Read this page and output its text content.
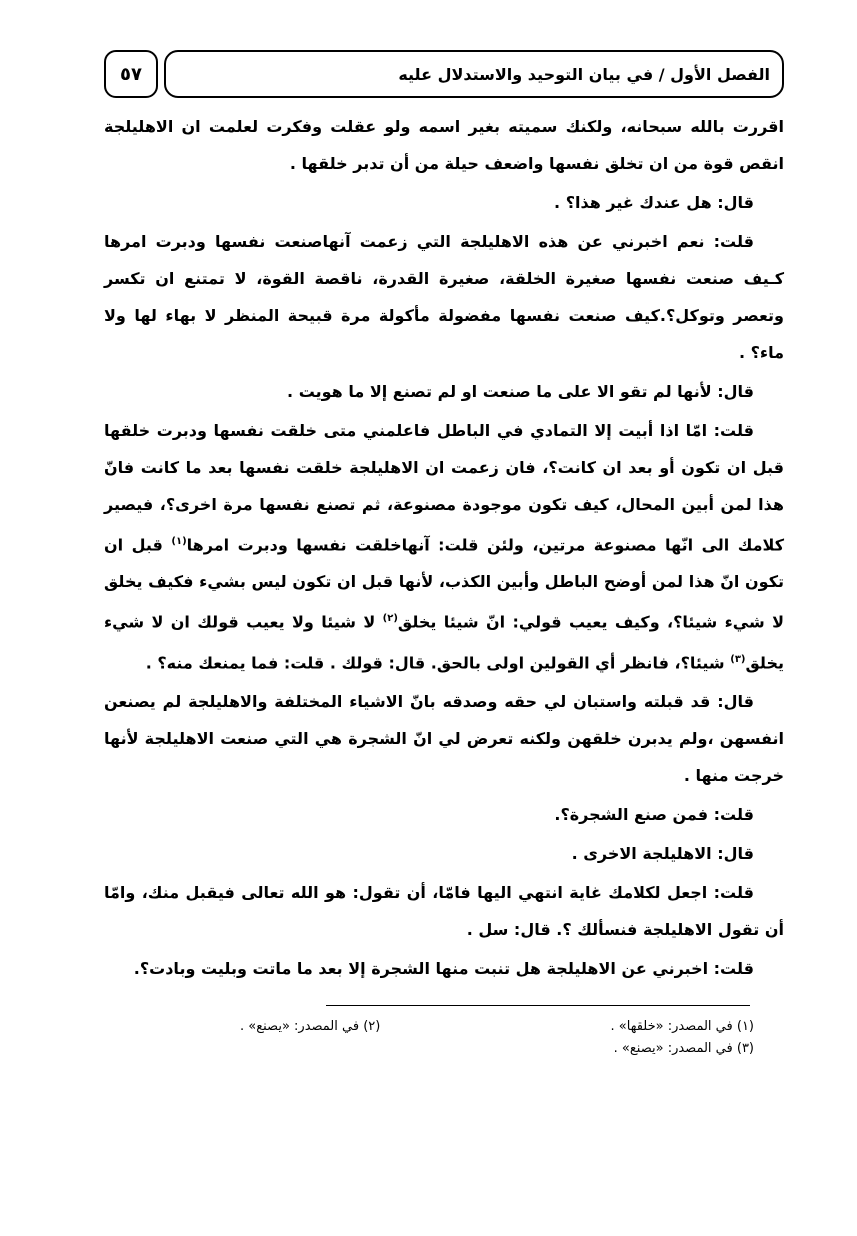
٥٧	الفصل الأول / في بيان التوحيد والاستدلال عليه

اقررت بالله سبحانه، ولكنك سميته بغير اسمه ولو عقلت وفكرت لعلمت ان الاهليلجة انقص قوة من ان تخلق نفسها واضعف حيلة من أن تدبر خلقها .

قال: هل عندك غير هذا؟ .

قلت: نعم اخبرني عن هذه الاهليلجة التي زعمت آنهاصنعت نفسها ودبرت امرها كـيف صنعت نفسها صغيرة الخلقة، صغيرة القدرة، ناقصة القوة، لا تمتنع ان تكسر وتعصر وتوكل؟.كيف صنعت نفسها مفضولة مأكولة مرة قبيحة المنظر لا بهاء لها ولا ماء؟ .

قال: لأنها لم تقو الا على ما صنعت او لم تصنع إلا ما هويت .

قلت: امّا اذا أبيت إلا التمادي في الباطل فاعلمني متى خلقت نفسها ودبرت خلقها قبل ان تكون أو بعد ان كانت؟، فان زعمت ان الاهليلجة خلقت نفسها بعد ما كانت فانّ هذا لمن أبين المحال، كيف تكون موجودة مصنوعة، ثم تصنع نفسها مرة اخرى؟، فيصير كلامك الى انّها مصنوعة مرتين، ولئن قلت: آنهاخلقت نفسها ودبرت امرها$^{(١)}$ قبل ان تكون انّ هذا لمن أوضح الباطل وأبين الكذب، لأنها قبل ان تكون ليس بشيء فكيف يخلق لا شيء شيئا؟، وكيف يعيب قولي: انّ شيئا يخلق$^{(٢)}$ لا شيئا ولا يعيب قولك ان لا شيء يخلق$^{(٣)}$ شيئا؟، فانظر أي القولين اولى بالحق. قال: قولك . قلت: فما يمنعك منه؟ .

قال: قد قبلته واستبان لي حقه وصدقه بانّ الاشياء المختلفة والاهليلجة لم يصنعن انفسهن ،ولم يدبرن خلقهن ولكنه تعرض لي انّ الشجرة هي التي صنعت الاهليلجة لأنها خرجت منها .

قلت: فمن صنع الشجرة؟.

قال: الاهليلجة الاخرى .

قلت: اجعل لكلامك غاية انتهي اليها فامّا، أن تقول: هو الله تعالى فيقبل منك، وامّا أن تقول الاهليلجة فنسألك ؟. قال: سل .

قلت: اخبرني عن الاهليلجة هل تنبت منها الشجرة إلا بعد ما ماتت وبليت وبادت؟.

(١) في المصدر: «خلقها» .
(٢) في المصدر: «يصنع» .
(٣) في المصدر: «يصنع» .
